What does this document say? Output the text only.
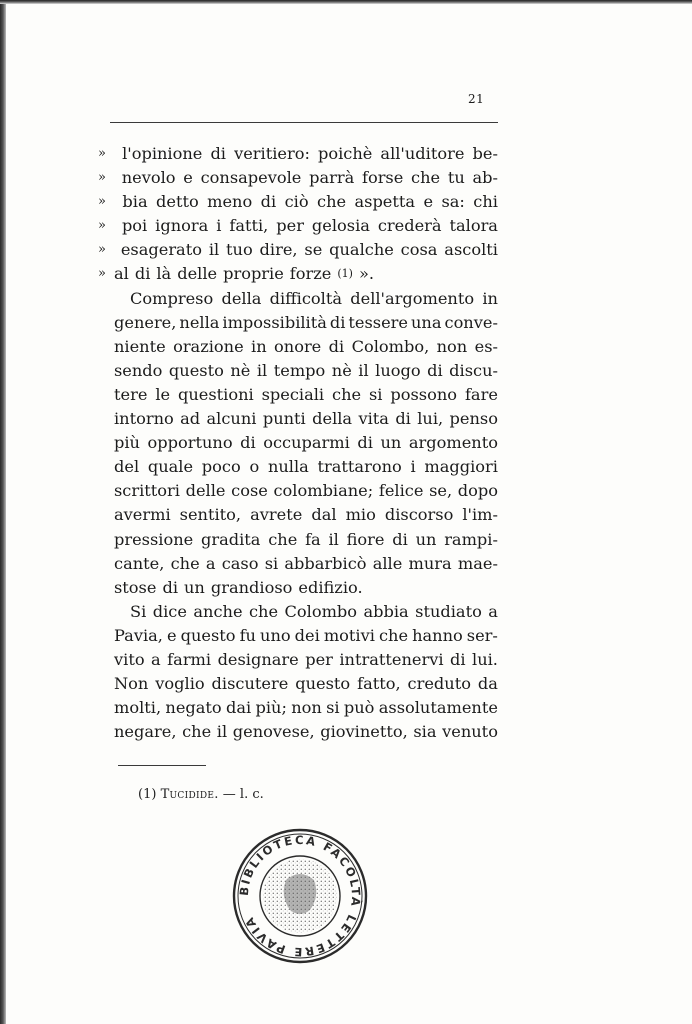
21
» l'opinione di veritiero: poichè all'uditore be-
» nevolo e consapevole parrà forse che tu ab-
» bia detto meno di ciò che aspetta e sa: chi
» poi ignora i fatti, per gelosia crederà talora
» esagerato il tuo dire, se qualche cosa ascolti
» al di là delle proprie forze (1) ».
Compreso della difficoltà dell'argomento in
genere, nella impossibilità di tessere una conve-
niente orazione in onore di Colombo, non es-
sendo questo nè il tempo nè il luogo di discu-
tere le questioni speciali che si possono fare
intorno ad alcuni punti della vita di lui, penso
più opportuno di occuparmi di un argomento
del quale poco o nulla trattarono i maggiori
scrittori delle cose colombiane; felice se, dopo
avermi sentito, avrete dal mio discorso l'im-
pressione gradita che fa il fiore di un rampi-
cante, che a caso si abbarbicò alle mura mae-
stose di un grandioso edifizio.
Si dice anche che Colombo abbia studiato a
Pavia, e questo fu uno dei motivi che hanno ser-
vito a farmi designare per intrattenervi di lui.
Non voglio discutere questo fatto, creduto da
molti, negato dai più; non si può assolutamente
negare, che il genovese, giovinetto, sia venuto
(1) Tucidide. — l. c.
BIBLIOTECA FACOLTÀ LETTERE PAVIA
